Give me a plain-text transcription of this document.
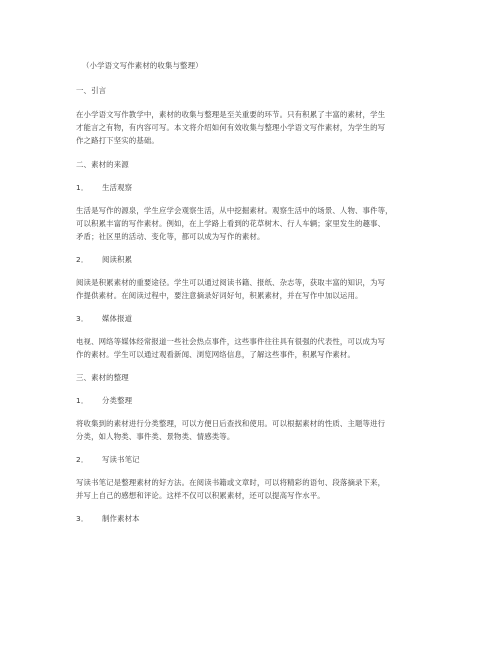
（小学语文写作素材的收集与整理）
一、引言
在小学语文写作教学中，素材的收集与整理是至关重要的环节。只有积累了丰富的素材，学生
才能言之有物，有内容可写。本文将介绍如何有效收集与整理小学语文写作素材，为学生的写
作之路打下坚实的基础。
二、素材的来源
1． 生活观察
生活是写作的源泉，学生应学会观察生活，从中挖掘素材。观察生活中的场景、人物、事件等，
可以积累丰富的写作素材。例如，在上学路上看到的花草树木、行人车辆；家里发生的趣事、
矛盾；社区里的活动、变化等，都可以成为写作的素材。
2． 阅读积累
阅读是积累素材的重要途径。学生可以通过阅读书籍、报纸、杂志等，获取丰富的知识，为写
作提供素材。在阅读过程中，要注意摘录好词好句，积累素材，并在写作中加以运用。
3． 媒体报道
电视、网络等媒体经常报道一些社会热点事件，这些事件往往具有很强的代表性，可以成为写
作的素材。学生可以通过观看新闻、浏览网络信息，了解这些事件，积累写作素材。
三、素材的整理
1． 分类整理
将收集到的素材进行分类整理，可以方便日后查找和使用。可以根据素材的性质、主题等进行
分类，如人物类、事件类、景物类、情感类等。
2． 写读书笔记
写读书笔记是整理素材的好方法。在阅读书籍或文章时，可以将精彩的语句、段落摘录下来，
并写上自己的感想和评论。这样不仅可以积累素材，还可以提高写作水平。
3． 制作素材本
